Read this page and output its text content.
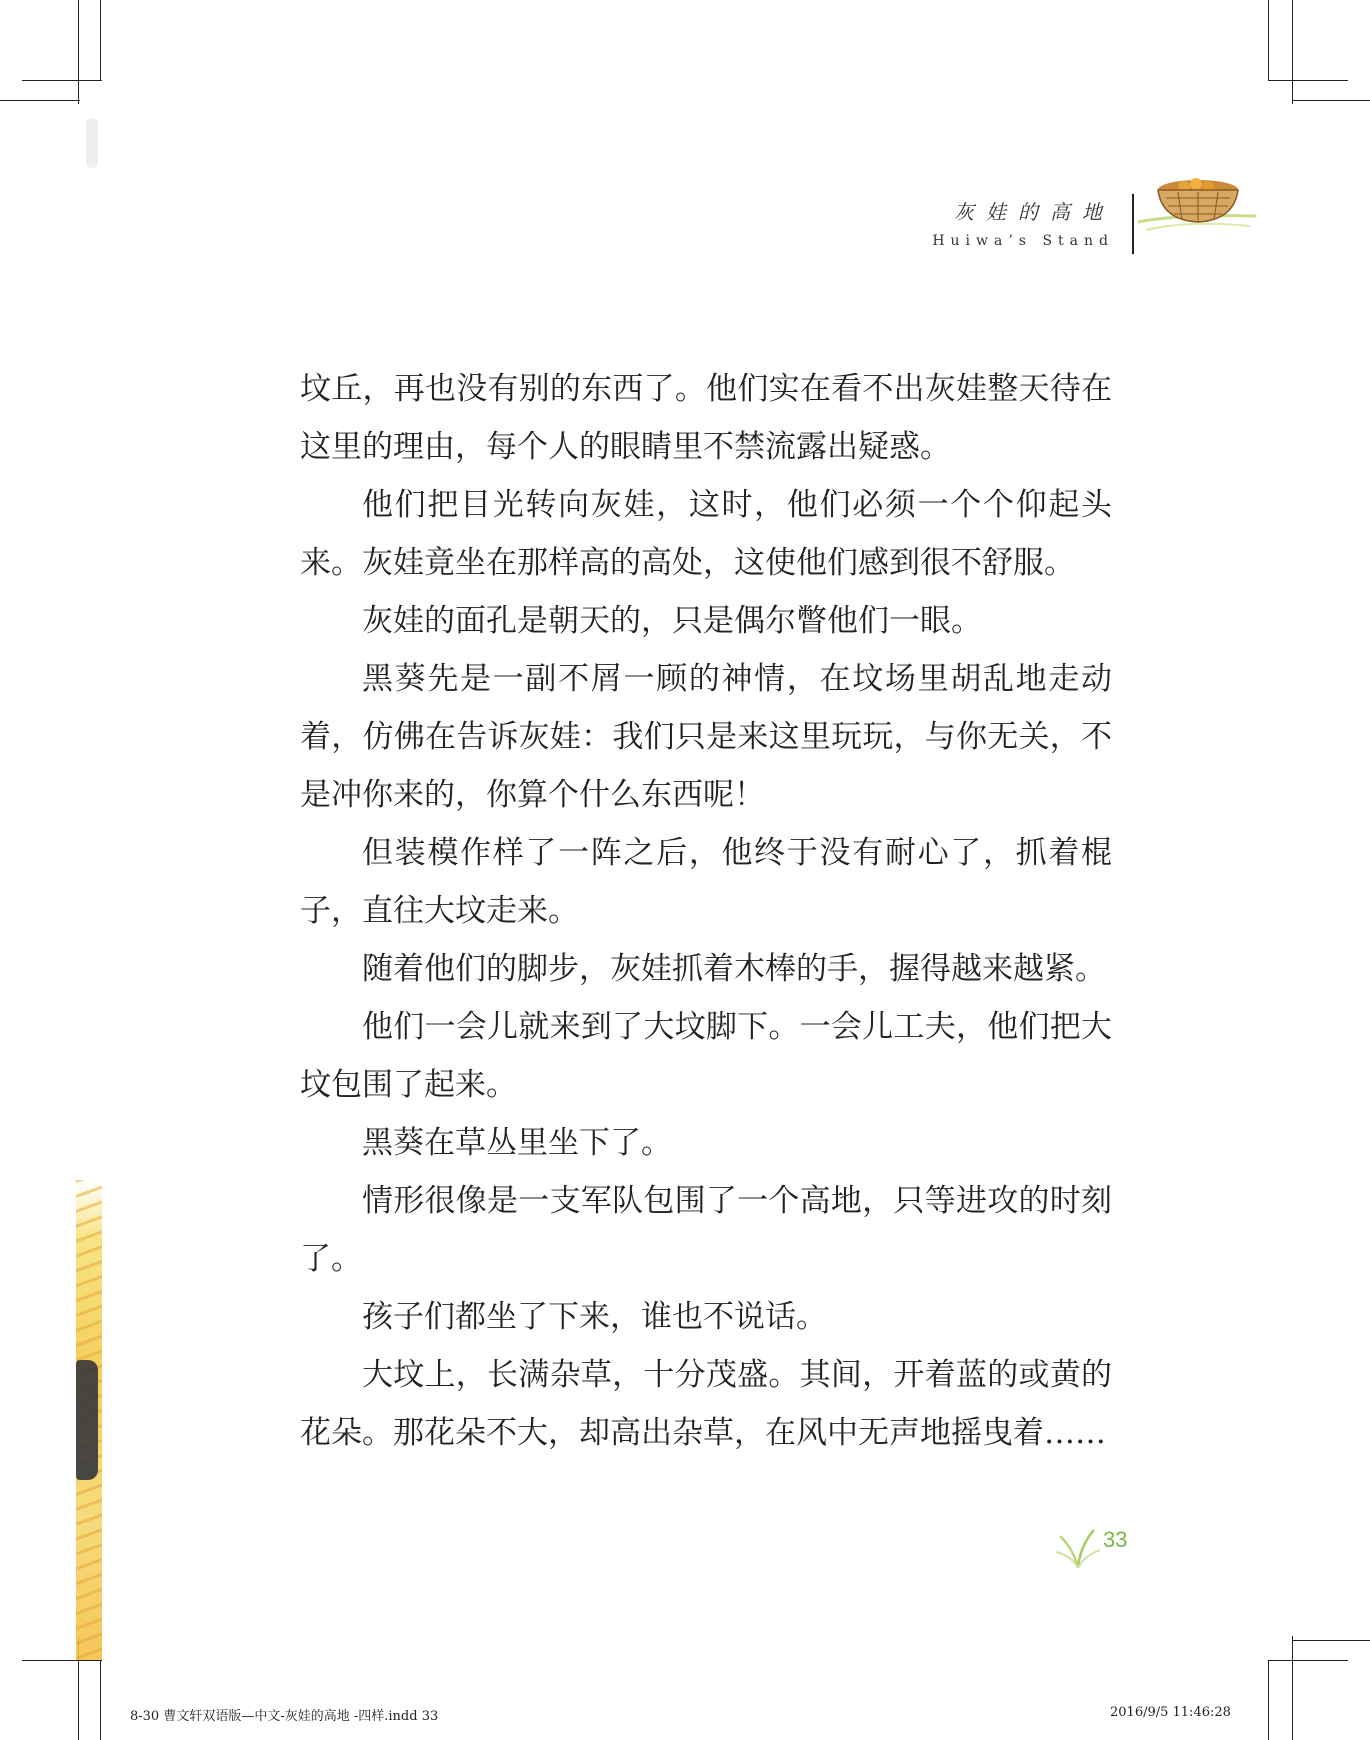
灰娃的高地
Huiwa’s Stand

坟丘，再也没有别的东西了。他们实在看不出灰娃整天待在这里的理由，每个人的眼睛里不禁流露出疑惑。

他们把目光转向灰娃，这时，他们必须一个个仰起头来。灰娃竟坐在那样高的高处，这使他们感到很不舒服。

灰娃的面孔是朝天的，只是偶尔瞥他们一眼。

黑葵先是一副不屑一顾的神情，在坟场里胡乱地走动着，仿佛在告诉灰娃：我们只是来这里玩玩，与你无关，不是冲你来的，你算个什么东西呢！

但装模作样了一阵之后，他终于没有耐心了，抓着棍子，直往大坟走来。

随着他们的脚步，灰娃抓着木棒的手，握得越来越紧。

他们一会儿就来到了大坟脚下。一会儿工夫，他们把大坟包围了起来。

黑葵在草丛里坐下了。

情形很像是一支军队包围了一个高地，只等进攻的时刻了。

孩子们都坐了下来，谁也不说话。

大坟上，长满杂草，十分茂盛。其间，开着蓝的或黄的花朵。那花朵不大，却高出杂草，在风中无声地摇曳着……

33
8-30 曹文轩双语版—中文-灰娃的高地 -四样.indd 33	2016/9/5 11:46:28
